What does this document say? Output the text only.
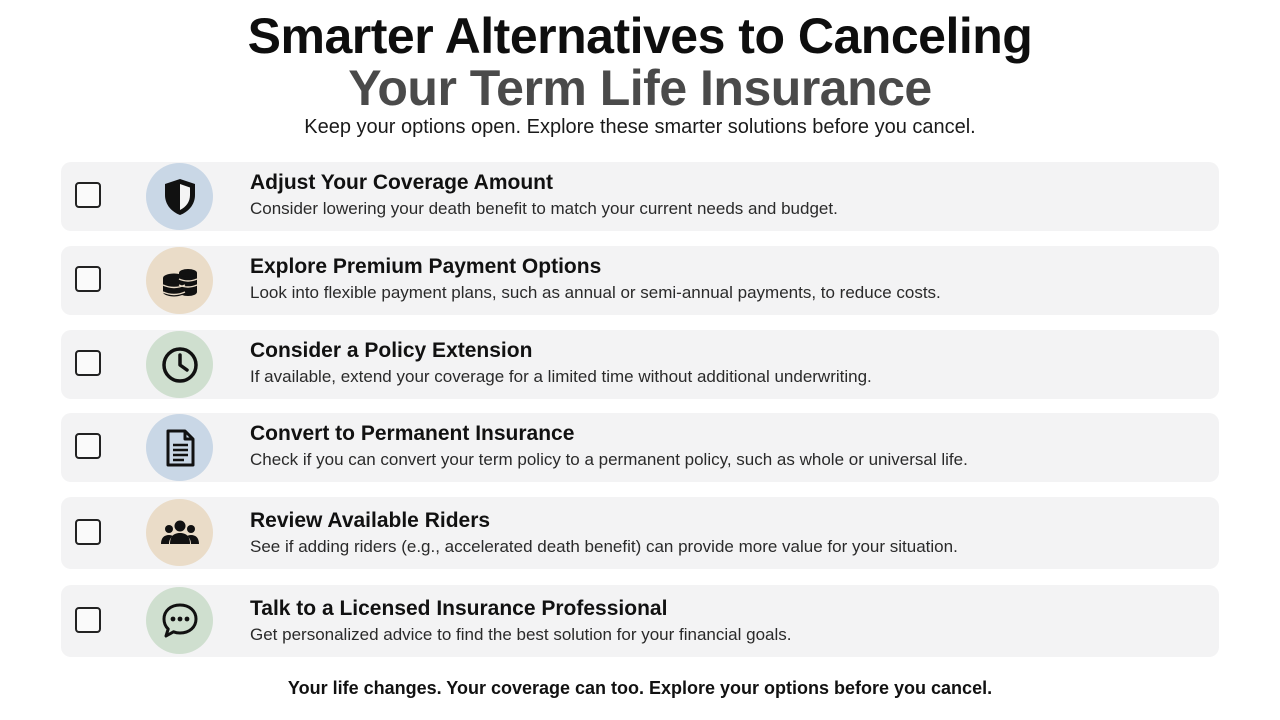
Smarter Alternatives to Canceling
Your Term Life Insurance
Keep your options open. Explore these smarter solutions before you cancel.
Adjust Your Coverage Amount
Consider lowering your death benefit to match your current needs and budget.
Explore Premium Payment Options
Look into flexible payment plans, such as annual or semi-annual payments, to reduce costs.
Consider a Policy Extension
If available, extend your coverage for a limited time without additional underwriting.
Convert to Permanent Insurance
Check if you can convert your term policy to a permanent policy, such as whole or universal life.
Review Available Riders
See if adding riders (e.g., accelerated death benefit) can provide more value for your situation.
Talk to a Licensed Insurance Professional
Get personalized advice to find the best solution for your financial goals.
Your life changes. Your coverage can too. Explore your options before you cancel.
